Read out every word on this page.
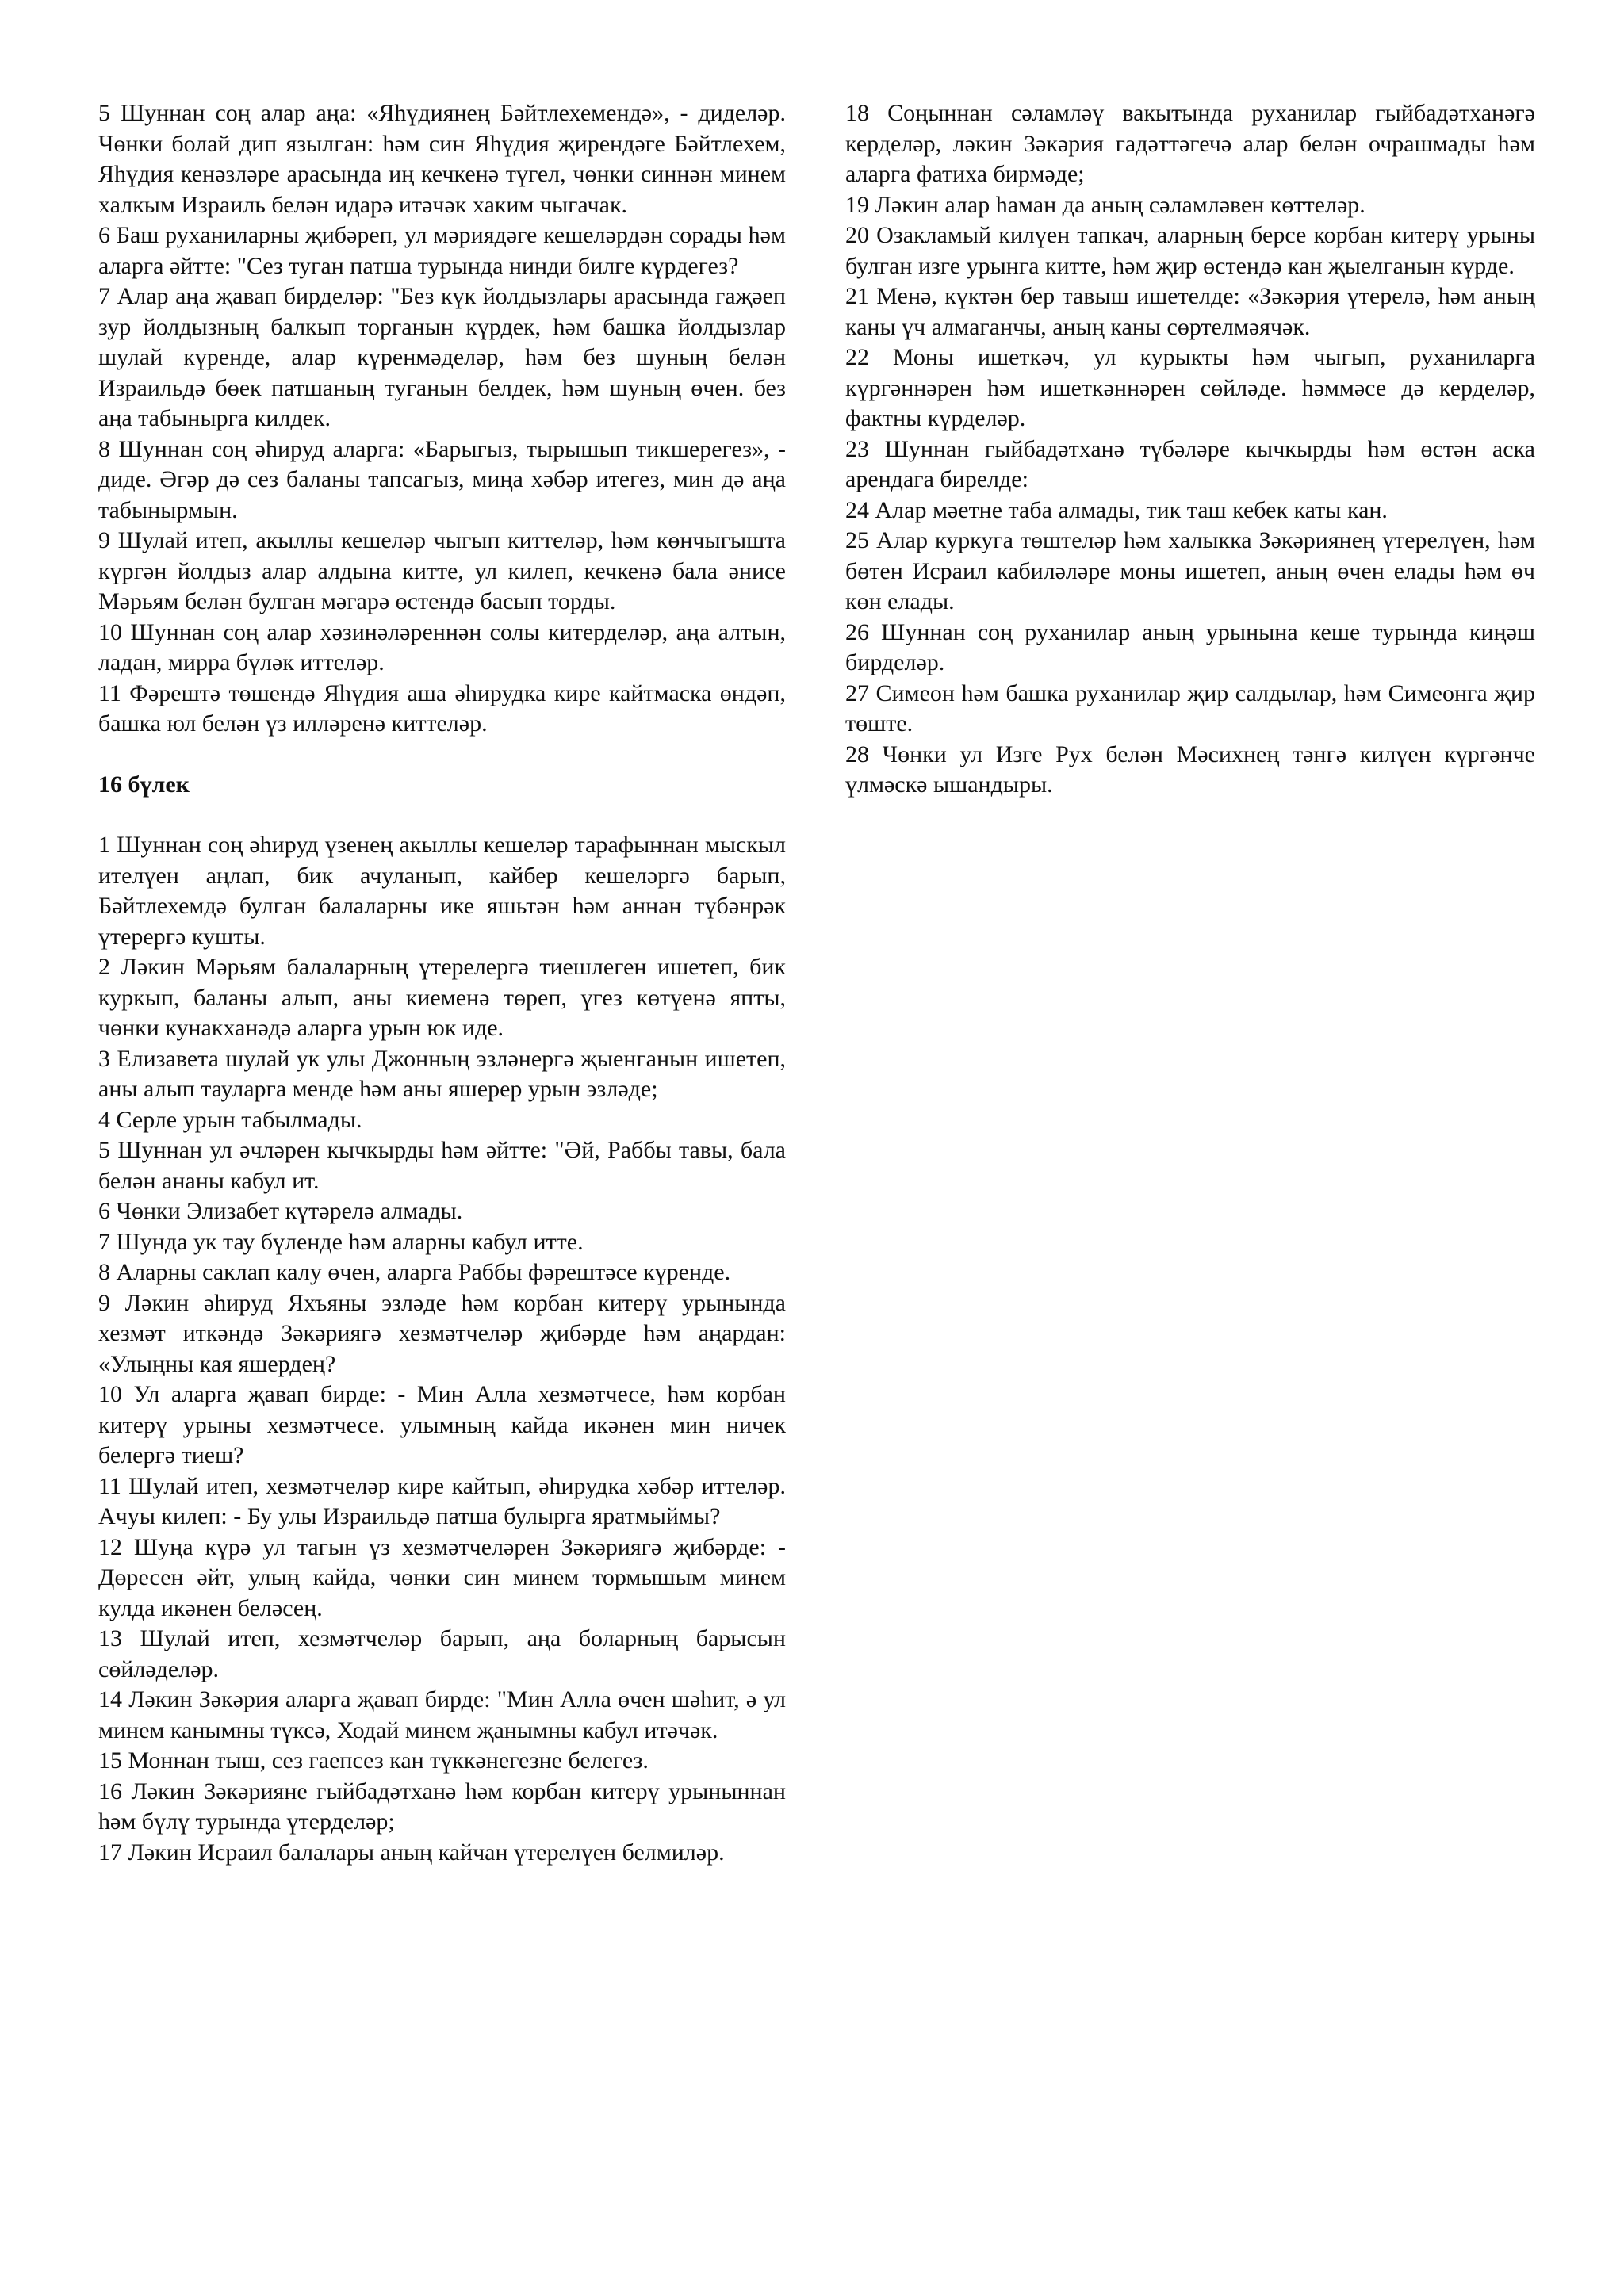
5 Шуннан соң алар аңа: «Яһүдиянең Бәйтлехемендә», - диделәр. Чөнки болай дип язылган: һәм син Яһүдия җирендәге Бәйтлехем, Яһүдия кенәзләре арасында иң кечкенә түгел, чөнки синнән минем халкым Израиль белән идарә итәчәк хаким чыгачак.

6 Баш руханиларны җибәреп, ул мәриядәге кешеләрдән сорады һәм аларга әйтте: "Сез туган патша турында нинди билге күрдегез?

7 Алар аңа җавап бирделәр: "Без күк йолдызлары арасында гаҗәеп зур йолдызның балкып торганын күрдек, һәм башка йолдызлар шулай күренде, алар күренмәделәр, һәм без шуның белән Израильдә бөек патшаның туганын белдек, һәм шуның өчен. без аңа табынырга килдек.

8 Шуннан соң әһируд аларга: «Барыгыз, тырышып тикшерегез», - диде. Әгәр дә сез баланы тапсагыз, миңа хәбәр итегез, мин дә аңа табынырмын.

9 Шулай итеп, акыллы кешеләр чыгып киттеләр, һәм көнчыгышта күргән йолдыз алар алдына китте, ул килеп, кечкенә бала әнисе Мәрьям белән булган мәгарә өстендә басып торды.

10 Шуннан соң алар хәзинәләреннән солы китерделәр, аңа алтын, ладан, мирра бүләк иттеләр.

11 Фәрештә төшендә Яһүдия аша әһирудка кире кайтмаска өндәп, башка юл белән үз илләренә киттеләр.

16 бүлек

1 Шуннан соң әһируд үзенең акыллы кешеләр тарафыннан мыскыл ителүен аңлап, бик ачуланып, кайбер кешеләргә барып, Бәйтлехемдә булган балаларны ике яшьтән һәм аннан түбәнрәк үтерергә кушты.

2 Ләкин Мәрьям балаларның үтерелергә тиешлеген ишетеп, бик куркып, баланы алып, аны киеменә төреп, үгез көтүенә япты, чөнки кунакханәдә аларга урын юк иде.

3 Елизавета шулай ук улы Джонның эзләнергә җыенганын ишетеп, аны алып тауларга менде һәм аны яшерер урын эзләде;

4 Серле урын табылмады.

5 Шуннан ул әчләрен кычкырды һәм әйтте: "Әй, Раббы тавы, бала белән ананы кабул ит.

6 Чөнки Элизабет күтәрелә алмады.

7 Шунда ук тау бүленде һәм аларны кабул итте.

8 Аларны саклап калу өчен, аларга Раббы фәрештәсе күренде.

9 Ләкин әһируд Яхъяны эзләде һәм корбан китерү урынында хезмәт иткәндә Зәкәриягә хезмәтчеләр җибәрде һәм аңардан: «Улыңны кая яшердең?

10 Ул аларга җавап бирде: - Мин Алла хезмәтчесе, һәм корбан китерү урыны хезмәтчесе. улымның кайда икәнен мин ничек белергә тиеш?

11 Шулай итеп, хезмәтчеләр кире кайтып, әһирудка хәбәр иттеләр. Ачуы килеп: - Бу улы Израильдә патша булырга яратмыймы?

12 Шуңа күрә ул тагын үз хезмәтчеләрен Зәкәриягә җибәрде: - Дөресен әйт, улың кайда, чөнки син минем тормышым минем кулда икәнен беләсең.

13 Шулай итеп, хезмәтчеләр барып, аңа боларның барысын сөйләделәр.

14 Ләкин Зәкәрия аларга җавап бирде: "Мин Алла өчен шәһит, ә ул минем канымны түксә, Ходай минем җанымны кабул итәчәк.

15 Моннан тыш, сез гаепсез кан түккәнегезне белегез.

16 Ләкин Зәкәрияне гыйбадәтханә һәм корбан китерү урыныннан һәм бүлү турында үтерделәр;

17 Ләкин Исраил балалары аның кайчан үтерелүен белмиләр.

18 Соңыннан сәламләү вакытында руханилар гыйбадәтханәгә керделәр, ләкин Зәкәрия гадәттәгечә алар белән очрашмады һәм аларга фатиха бирмәде;

19 Ләкин алар һаман да аның сәламләвен көттеләр.

20 Озакламый килүен тапкач, аларның берсе корбан китерү урыны булган изге урынга китте, һәм җир өстендә кан җыелганын күрде.

21 Менә, күктән бер тавыш ишетелде: «Зәкәрия үтерелә, һәм аның каны үч алмаганчы, аның каны сөртелмәячәк.

22 Моны ишеткәч, ул курыкты һәм чыгып, руханиларга күргәннәрен һәм ишеткәннәрен сөйләде. һәммәсе дә керделәр, фактны күрделәр.

23 Шуннан гыйбадәтханә түбәләре кычкырды һәм өстән аска арендага бирелде:

24 Алар мәетне таба алмады, тик таш кебек каты кан.

25 Алар куркуга төштеләр һәм халыкка Зәкәриянең үтерелүен, һәм бөтен Исраил кабиләләре моны ишетеп, аның өчен елады һәм өч көн елады.

26 Шуннан соң руханилар аның урынына кеше турында киңәш бирделәр.

27 Симеон һәм башка руханилар җир салдылар, һәм Симеонга җир төште.

28 Чөнки ул Изге Рух белән Мәсихнең тәнгә килүен күргәнче үлмәскә ышандыры.
